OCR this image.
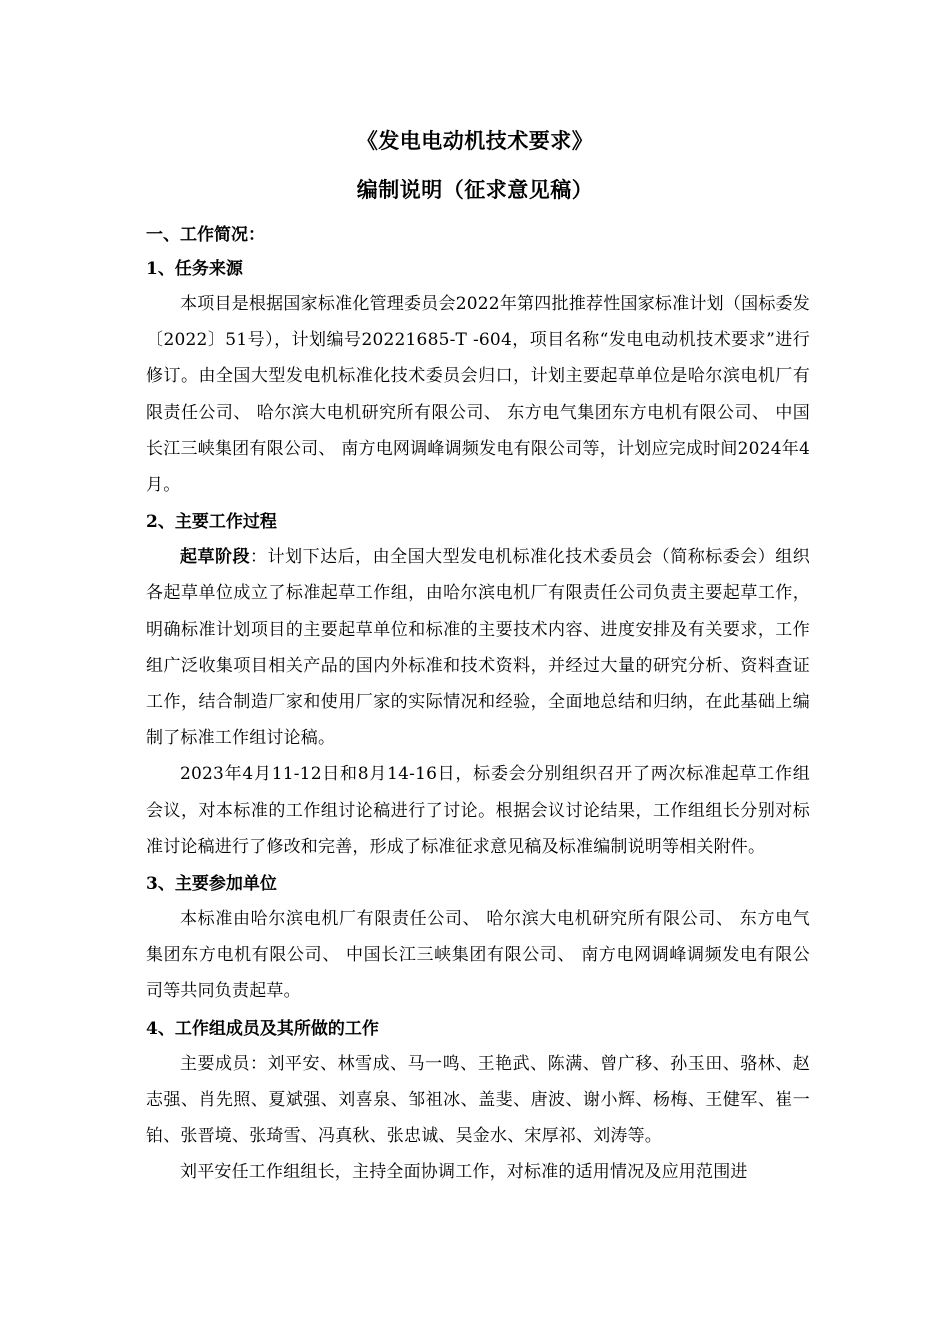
《发电电动机技术要求》
编制说明（征求意见稿）

一、工作简况：

1、任务来源

本项目是根据国家标准化管理委员会2022年第四批推荐性国家标准计划（国标委发〔2022〕51号），计划编号20221685-T -604，项目名称“发电电动机技术要求”进行修订。由全国大型发电机标准化技术委员会归口，计划主要起草单位是哈尔滨电机厂有限责任公司、 哈尔滨大电机研究所有限公司、 东方电气集团东方电机有限公司、 中国长江三峡集团有限公司、 南方电网调峰调频发电有限公司等，计划应完成时间2024年4月。

2、主要工作过程

起草阶段：计划下达后，由全国大型发电机标准化技术委员会（简称标委会）组织各起草单位成立了标准起草工作组，由哈尔滨电机厂有限责任公司负责主要起草工作，明确标准计划项目的主要起草单位和标准的主要技术内容、进度安排及有关要求，工作组广泛收集项目相关产品的国内外标准和技术资料，并经过大量的研究分析、资料查证工作，结合制造厂家和使用厂家的实际情况和经验，全面地总结和归纳，在此基础上编制了标准工作组讨论稿。

2023年4月11-12日和8月14-16日，标委会分别组织召开了两次标准起草工作组会议，对本标准的工作组讨论稿进行了讨论。根据会议讨论结果，工作组组长分别对标准讨论稿进行了修改和完善，形成了标准征求意见稿及标准编制说明等相关附件。

3、主要参加单位

本标准由哈尔滨电机厂有限责任公司、 哈尔滨大电机研究所有限公司、 东方电气集团东方电机有限公司、 中国长江三峡集团有限公司、 南方电网调峰调频发电有限公司等共同负责起草。

4、工作组成员及其所做的工作

主要成员：刘平安、林雪成、马一鸣、王艳武、陈满、曾广移、孙玉田、骆林、赵志强、肖先照、夏斌强、刘喜泉、邹祖冰、盖斐、唐波、谢小辉、杨梅、王健军、崔一铂、张晋境、张琦雪、冯真秋、张忠诚、吴金水、宋厚祁、刘涛等。

刘平安任工作组组长，主持全面协调工作，对标准的适用情况及应用范围进
